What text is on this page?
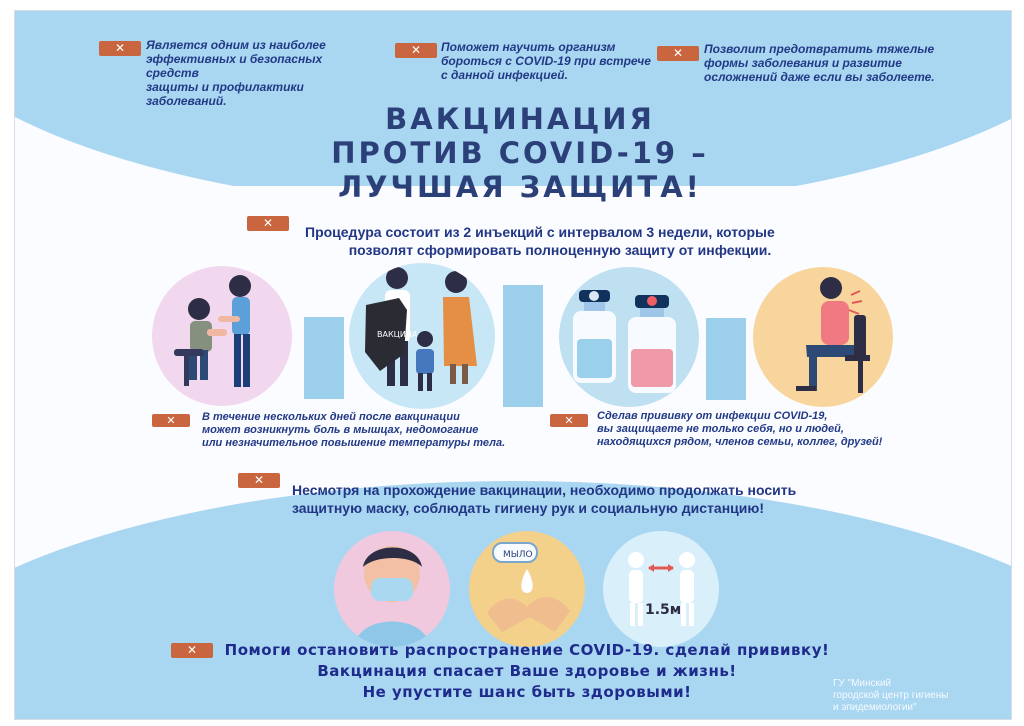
✕	Является одним из наиболее
эффективных и безопасных средств
защиты и профилактики заболеваний.
✕	Поможет научить организм
бороться с COVID-19 при встрече
с данной инфекцией.
✕	Позволит предотвратить тяжелые
формы заболевания и развитие
осложнений даже если вы заболеете.
ВАКЦИНАЦИЯ
ПРОТИВ COVID-19 –
ЛУЧШАЯ ЗАЩИТА!
✕
Процедура состоит из 2 инъекций с интервалом 3 недели, которые
позволят сформировать полноценную защиту от инфекции.
ВАКЦИНА
✕	В течение нескольких дней после вакцинации
может возникнуть боль в мышцах, недомогание
или незначительное повышение температуры тела.
✕	Сделав прививку от инфекции COVID-19,
вы защищаете не только себя, но и людей,
находящихся рядом, членов семьи, коллег, друзей!
✕
Несмотря на прохождение вакцинации, необходимо продолжать носить
защитную маску, соблюдать гигиену рук и социальную дистанцию!
МЫЛО
1.5м
✕	Помоги остановить распространение COVID-19. сделай прививку!
Вакцинация спасает Ваше здоровье и жизнь!
Не упустите шанс быть здоровыми!	ГУ "Минский
городской центр гигиены
и эпидемиологии"
